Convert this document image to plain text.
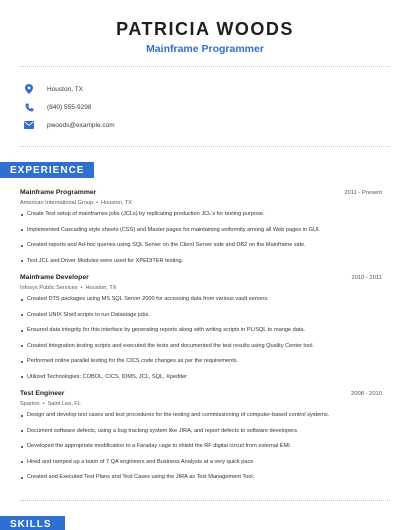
PATRICIA WOODS
Mainframe Programmer
Houston, TX
(840) 555-9298
pwoods@example.com
EXPERIENCE
Mainframe Programmer	2011 - Present
American International Group • Houston, TX
Create Test setup of mainframes jobs (JCLs) by replicating production JCL's for testing purpose.
Implemented Cascading style sheets (CSS) and Master pages for maintaining uniformity among all Web pages in GUI.
Created reports and Ad-hoc queries using SQL Server on the Client Server side and DB2 on the Mainframe side.
Test JCL and Driver Modules were used for XPEDITER testing.
Mainframe Developer	2010 - 2011
Infosys Public Services • Houston, TX
Created DTS packages using MS SQL Server 2000 for accessing data from various vault servers.
Created UNIX Shell scripts to run Datastage jobs.
Ensured data integrity for this interface by generating reports along with writing scripts in PL/SQL to mange data.
Created Integration testing scripts and executed the tests and documented the test results using Quality Center tool.
Performed online parallel testing for the CICS code changes as per the requirements.
Utilized Technologies: COBOL, CICS, IDMS, JCL, SQL, Xpediter
Test Engineer	2008 - 2010
Sparton • Saint Leo, FL
Design and develop test cases and test procedures for the testing and commissioning of computer-based control systems.
Document software defects, using a bug tracking system like JIRA, and report defects to software developers.
Developed the appropriate modification to a Faraday cage to shield the RF digital circuit from external EMI.
Hired and ramped up a team of 7 QA engineers and Business Analysts at a very quick pace.
Created and Executed Test Plans and Test Cases using the JIRA as Test Management Tool.
SKILLS
